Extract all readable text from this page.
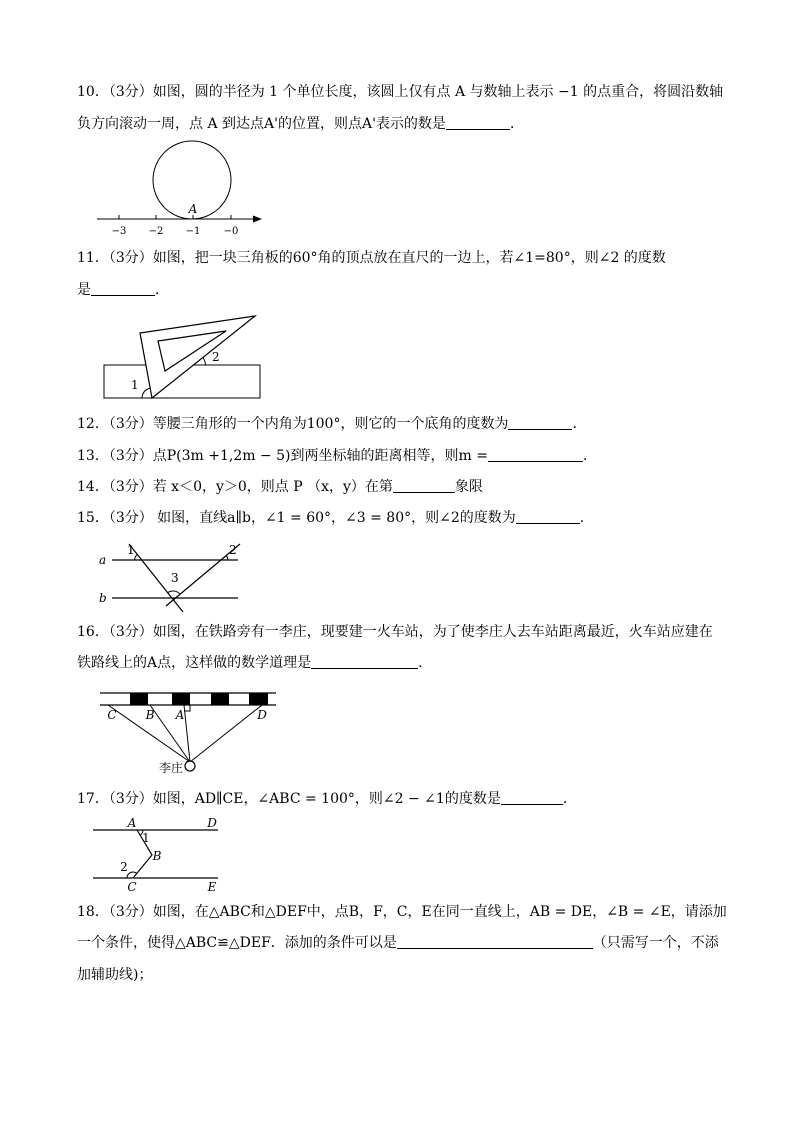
−3 −2 −1 −0
A
1
2
a
b
1	2
3
C B A	D
李庄
A	D
1
B
2
C	E
10．（3分）如图，圆的半径为 1 个单位长度，该圆上仅有点 A 与数轴上表示 −1 的点重合，将圆沿数轴
负方向滚动一周，点 A 到达点A'的位置，则点A'表示的数是	．
11．（3分）如图，把一块三角板的60°角的顶点放在直尺的一边上，若∠1=80°，则∠2 的度数
是	．
12．（3分）等腰三角形的一个内角为100°，则它的一个底角的度数为	．
13．（3分）点P(3m +1,2m − 5)到两坐标轴的距离相等，则m =	．
14．（3分）若 x＜0，y＞0，则点 P （x，y）在第	象限
15．（3分） 如图，直线a∥b，∠1 = 60°，∠3 = 80°，则∠2的度数为	.
16．（3分）如图，在铁路旁有一李庄，现要建一火车站，为了使李庄人去车站距离最近，火车站应建在
铁路线上的A点，这样做的数学道理是	．
17．（3分）如图，AD∥CE，∠ABC = 100°，则∠2 − ∠1的度数是	．
18．（3分）如图，在△ABC和△DEF中，点B，F，C，E在同一直线上，AB = DE，∠B = ∠E，请添加
一个条件，使得△ABC≌△DEF．添加的条件可以是	（只需写一个，不添
加辅助线)；
